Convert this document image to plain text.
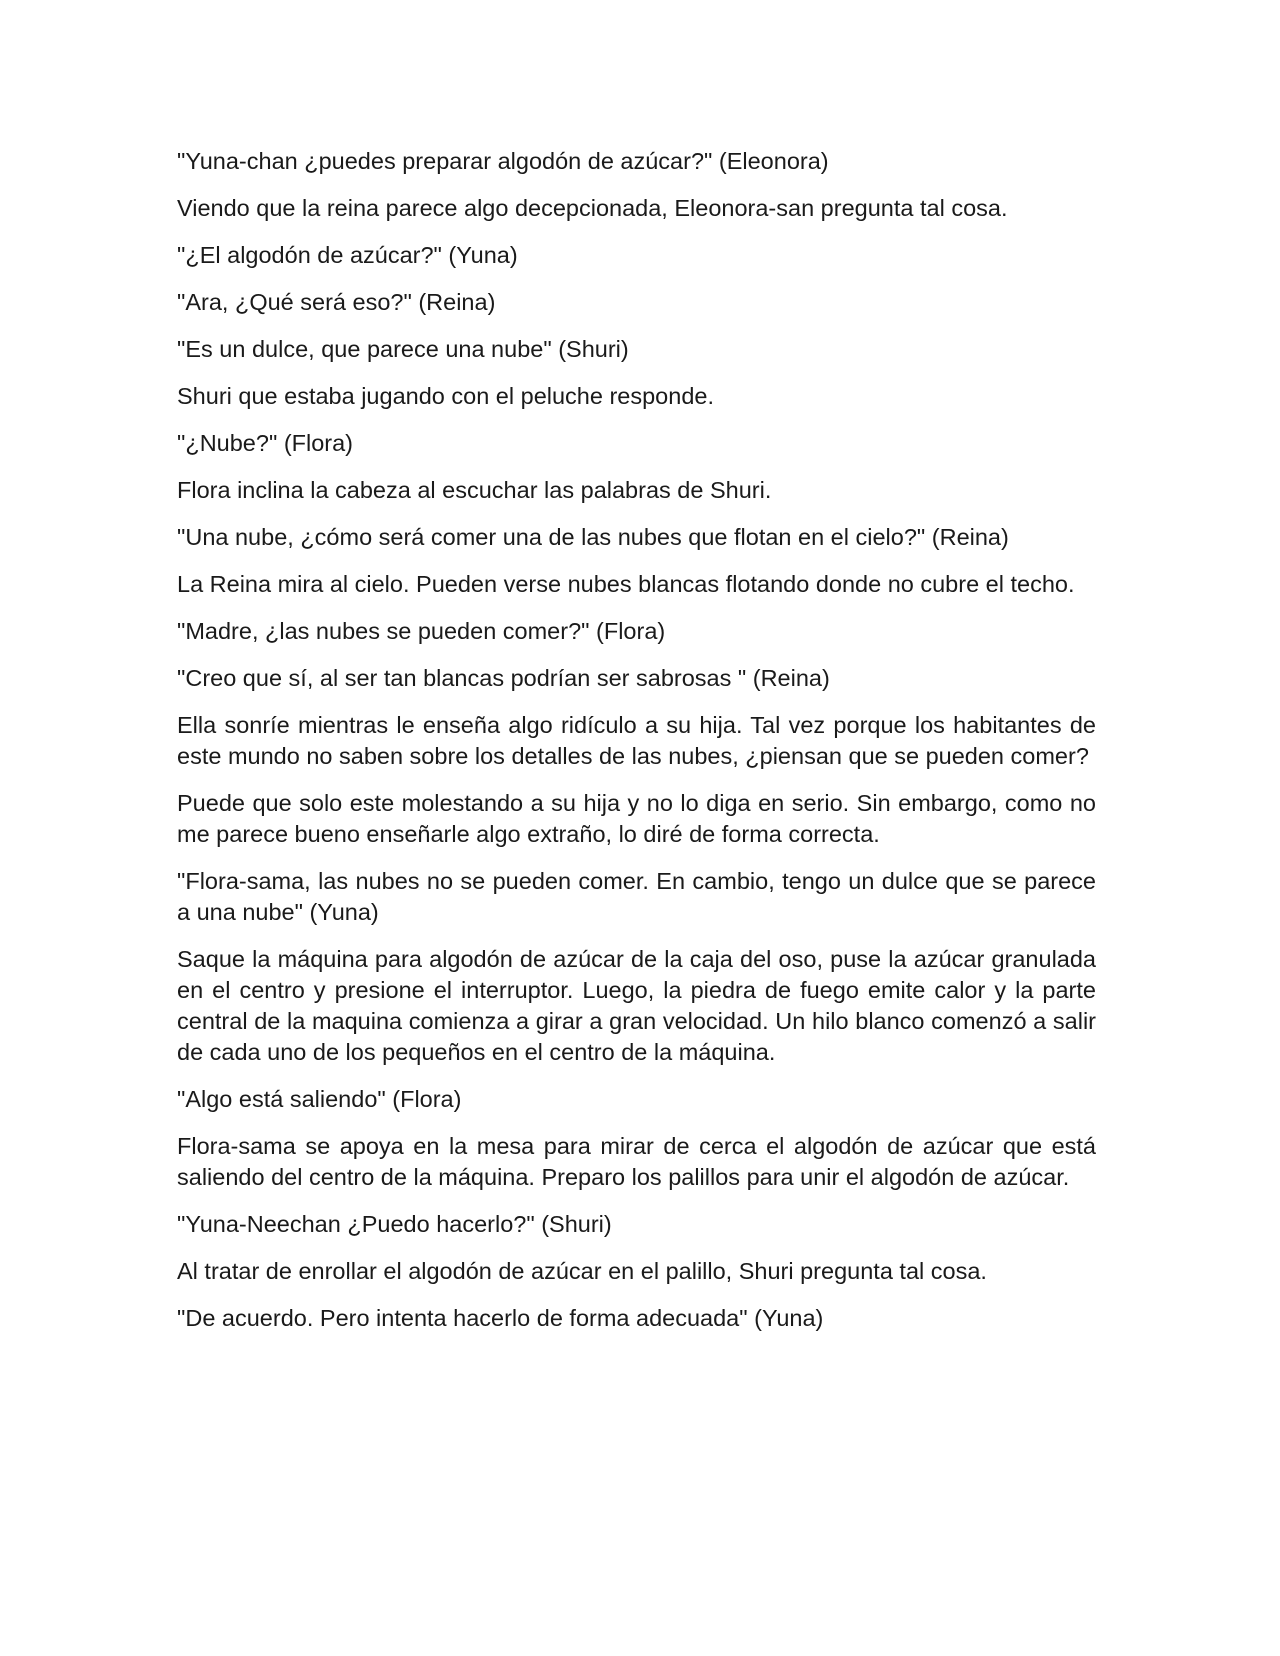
"Yuna-chan ¿puedes preparar algodón de azúcar?" (Eleonora)

Viendo que la reina parece algo decepcionada, Eleonora-san pregunta tal cosa.

"¿El algodón de azúcar?" (Yuna)

"Ara, ¿Qué será eso?" (Reina)

"Es un dulce, que parece una nube" (Shuri)

Shuri que estaba jugando con el peluche responde.

"¿Nube?" (Flora)

Flora inclina la cabeza al escuchar las palabras de Shuri.

"Una nube, ¿cómo será comer una de las nubes que flotan en el cielo?" (Reina)

La Reina mira al cielo. Pueden verse nubes blancas flotando donde no cubre el techo.

"Madre, ¿las nubes se pueden comer?" (Flora)

"Creo que sí, al ser tan blancas podrían ser sabrosas " (Reina)

Ella sonríe mientras le enseña algo ridículo a su hija. Tal vez porque los habitantes de este mundo no saben sobre los detalles de las nubes, ¿piensan que se pueden comer?

Puede que solo este molestando a su hija y no lo diga en serio. Sin embargo, como no me parece bueno enseñarle algo extraño, lo diré de forma correcta.

"Flora-sama, las nubes no se pueden comer. En cambio, tengo un dulce que se parece a una nube" (Yuna)

Saque la máquina para algodón de azúcar de la caja del oso, puse la azúcar granulada en el centro y presione el interruptor. Luego, la piedra de fuego emite calor y la parte central de la maquina comienza a girar a gran velocidad. Un hilo blanco comenzó a salir de cada uno de los pequeños en el centro de la máquina.

"Algo está saliendo" (Flora)

Flora-sama se apoya en la mesa para mirar de cerca el algodón de azúcar que está saliendo del centro de la máquina. Preparo los palillos para unir el algodón de azúcar.

"Yuna-Neechan ¿Puedo hacerlo?" (Shuri)

Al tratar de enrollar el algodón de azúcar en el palillo, Shuri pregunta tal cosa.

"De acuerdo. Pero intenta hacerlo de forma adecuada" (Yuna)
